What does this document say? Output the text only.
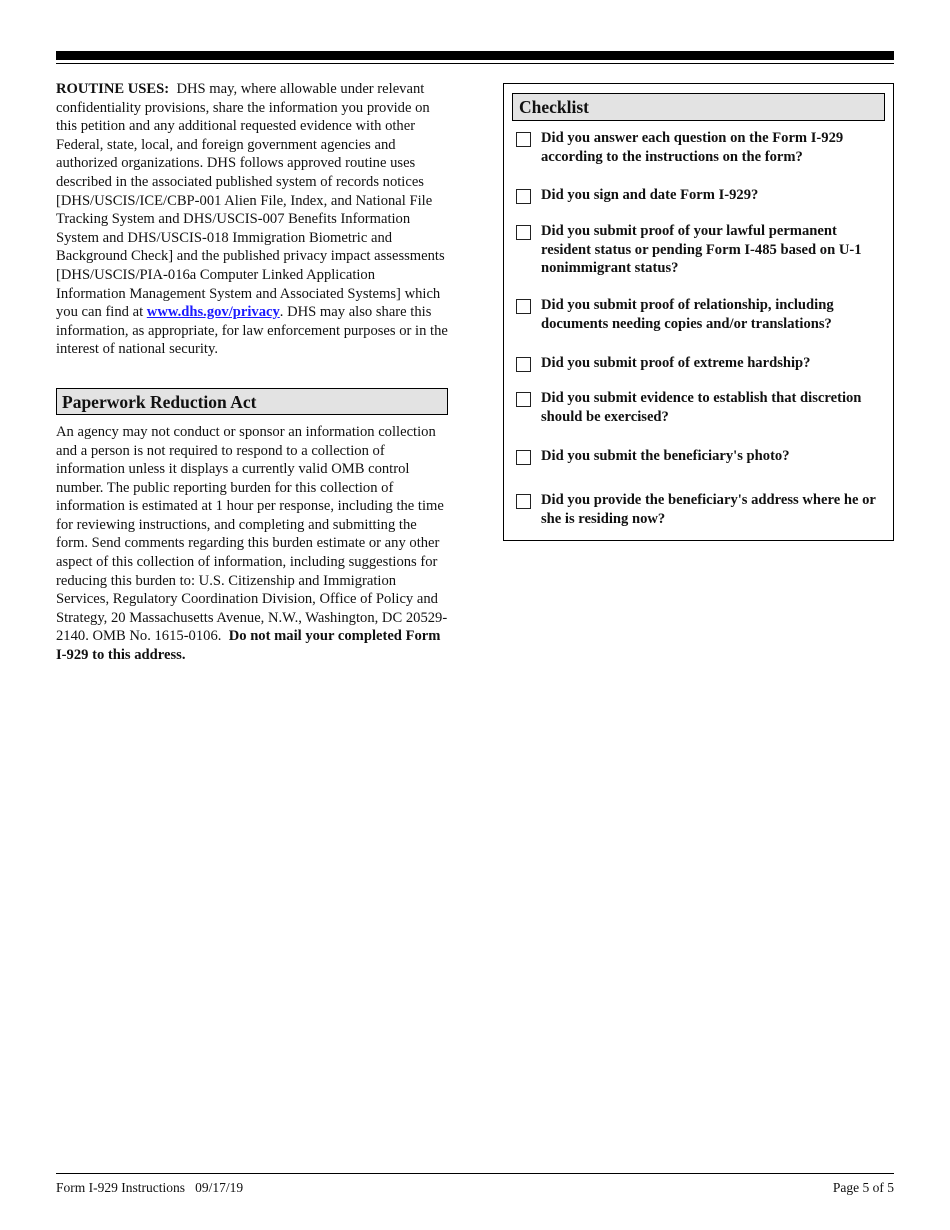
ROUTINE USES: DHS may, where allowable under relevant confidentiality provisions, share the information you provide on this petition and any additional requested evidence with other Federal, state, local, and foreign government agencies and authorized organizations. DHS follows approved routine uses described in the associated published system of records notices [DHS/USCIS/ICE/CBP-001 Alien File, Index, and National File Tracking System and DHS/USCIS-007 Benefits Information System and DHS/USCIS-018 Immigration Biometric and Background Check] and the published privacy impact assessments [DHS/USCIS/PIA-016a Computer Linked Application Information Management System and Associated Systems] which you can find at www.dhs.gov/privacy. DHS may also share this information, as appropriate, for law enforcement purposes or in the interest of national security.

Paperwork Reduction Act

An agency may not conduct or sponsor an information collection and a person is not required to respond to a collection of information unless it displays a currently valid OMB control number. The public reporting burden for this collection of information is estimated at 1 hour per response, including the time for reviewing instructions, and completing and submitting the form. Send comments regarding this burden estimate or any other aspect of this collection of information, including suggestions for reducing this burden to: U.S. Citizenship and Immigration Services, Regulatory Coordination Division, Office of Policy and Strategy, 20 Massachusetts Avenue, N.W., Washington, DC 20529-2140. OMB No. 1615-0106. Do not mail your completed Form I-929 to this address.

Checklist
Did you answer each question on the Form I-929 according to the instructions on the form?
Did you sign and date Form I-929?
Did you submit proof of your lawful permanent resident status or pending Form I-485 based on U-1 nonimmigrant status?
Did you submit proof of relationship, including documents needing copies and/or translations?
Did you submit proof of extreme hardship?
Did you submit evidence to establish that discretion should be exercised?
Did you submit the beneficiary's photo?
Did you provide the beneficiary's address where he or she is residing now?
Form I-929 Instructions 09/17/19	Page 5 of 5
